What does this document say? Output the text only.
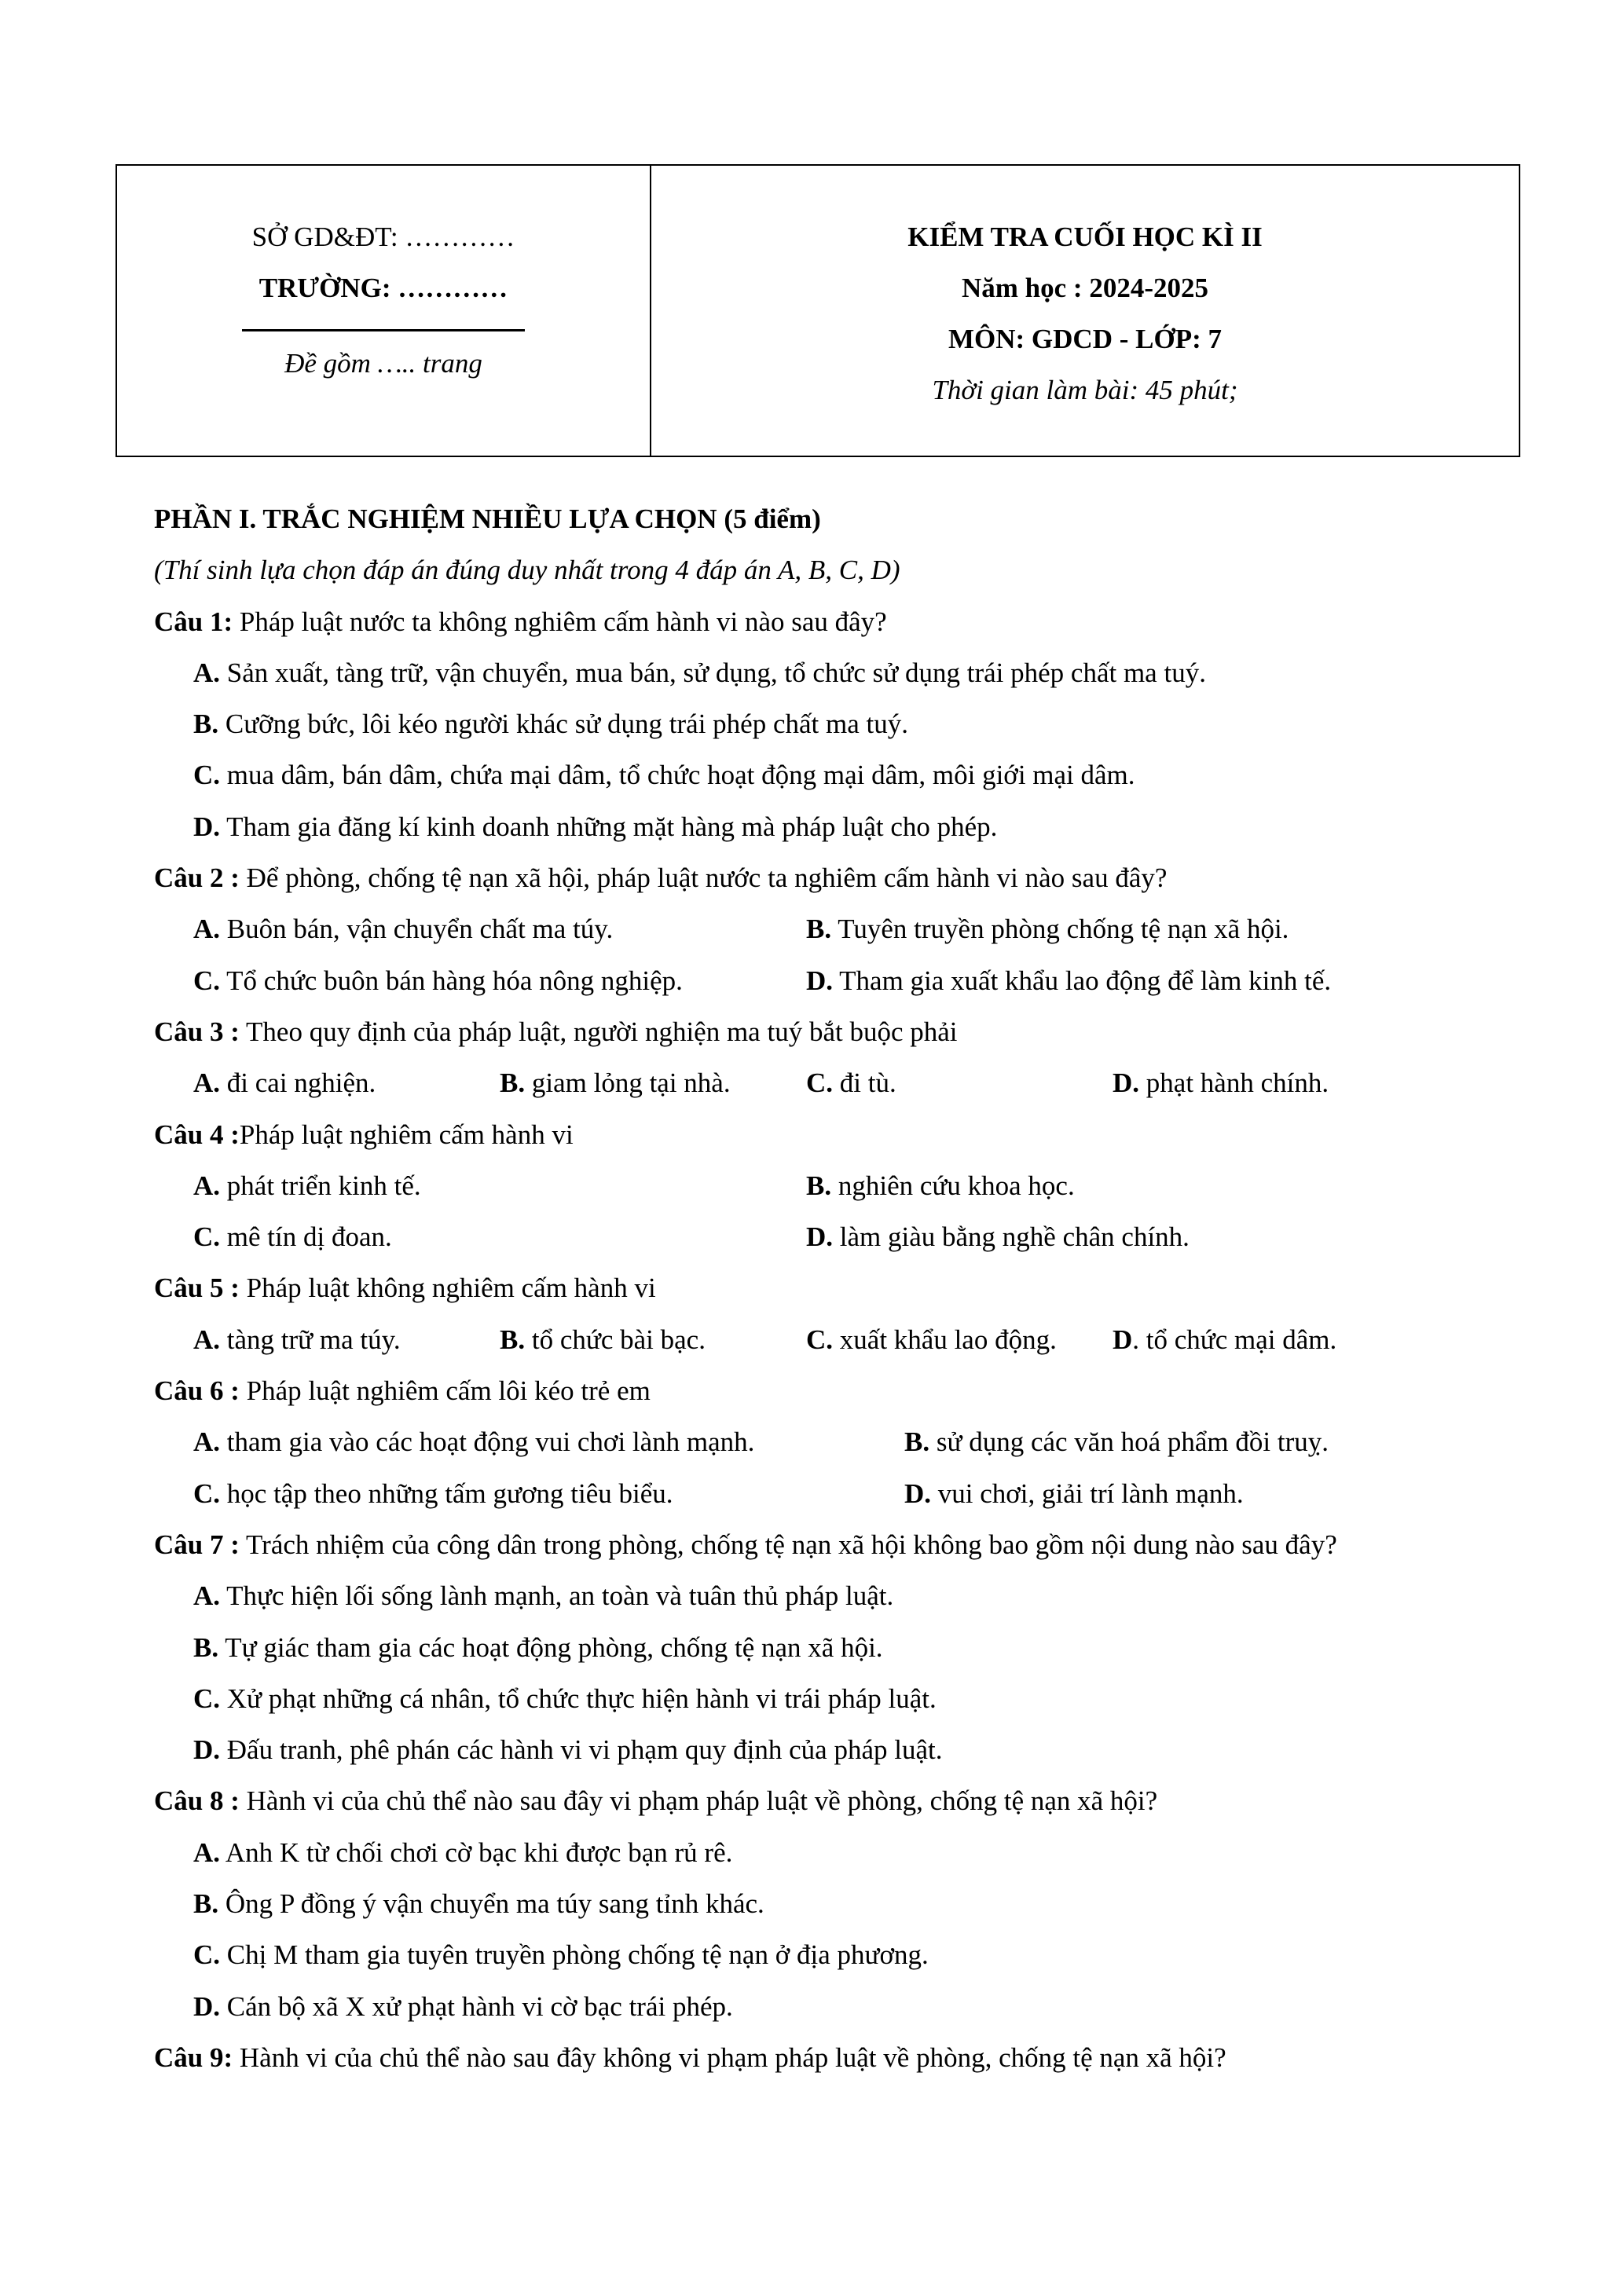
SỞ GD&ĐT: …………
TRƯỜNG: …………
Đề gồm ….. trang
KIỂM TRA CUỐI HỌC KÌ II
Năm học : 2024-2025
MÔN: GDCD - LỚP: 7
Thời gian làm bài: 45 phút;
PHẦN I. TRẮC NGHIỆM NHIỀU LỰA CHỌN (5 điểm)
(Thí sinh lựa chọn đáp án đúng duy nhất trong 4 đáp án A, B, C, D)
Câu 1: Pháp luật nước ta không nghiêm cấm hành vi nào sau đây?
A. Sản xuất, tàng trữ, vận chuyển, mua bán, sử dụng, tổ chức sử dụng trái phép chất ma tuý.
B. Cưỡng bức, lôi kéo người khác sử dụng trái phép chất ma tuý.
C. mua dâm, bán dâm, chứa mại dâm, tổ chức hoạt động mại dâm, môi giới mại dâm.
D. Tham gia đăng kí kinh doanh những mặt hàng mà pháp luật cho phép.
Câu 2 : Để phòng, chống tệ nạn xã hội, pháp luật nước ta nghiêm cấm hành vi nào sau đây?
A. Buôn bán, vận chuyển chất ma túy.	B. Tuyên truyền phòng chống tệ nạn xã hội.
C. Tổ chức buôn bán hàng hóa nông nghiệp.	D. Tham gia xuất khẩu lao động để làm kinh tế.
Câu 3 : Theo quy định của pháp luật, người nghiện ma tuý bắt buộc phải
A. đi cai nghiện.	B. giam lỏng tại nhà.	C. đi tù.	D. phạt hành chính.
Câu 4 :Pháp luật nghiêm cấm hành vi
A. phát triển kinh tế.	B. nghiên cứu khoa học.
C. mê tín dị đoan.	D. làm giàu bằng nghề chân chính.
Câu 5 : Pháp luật không nghiêm cấm hành vi
A. tàng trữ ma túy.	B. tổ chức bài bạc.	C. xuất khẩu lao động.	D. tổ chức mại dâm.
Câu 6 : Pháp luật nghiêm cấm lôi kéo trẻ em
A. tham gia vào các hoạt động vui chơi lành mạnh.	B. sử dụng các văn hoá phẩm đồi truỵ.
C. học tập theo những tấm gương tiêu biểu.	D. vui chơi, giải trí lành mạnh.
Câu 7 : Trách nhiệm của công dân trong phòng, chống tệ nạn xã hội không bao gồm nội dung nào sau đây?
A. Thực hiện lối sống lành mạnh, an toàn và tuân thủ pháp luật.
B. Tự giác tham gia các hoạt động phòng, chống tệ nạn xã hội.
C. Xử phạt những cá nhân, tổ chức thực hiện hành vi trái pháp luật.
D. Đấu tranh, phê phán các hành vi vi phạm quy định của pháp luật.
Câu 8 : Hành vi của chủ thể nào sau đây vi phạm pháp luật về phòng, chống tệ nạn xã hội?
A. Anh K từ chối chơi cờ bạc khi được bạn rủ rê.
B. Ông P đồng ý vận chuyển ma túy sang tỉnh khác.
C. Chị M tham gia tuyên truyền phòng chống tệ nạn ở địa phương.
D. Cán bộ xã X xử phạt hành vi cờ bạc trái phép.
Câu 9: Hành vi của chủ thể nào sau đây không vi phạm pháp luật về phòng, chống tệ nạn xã hội?
